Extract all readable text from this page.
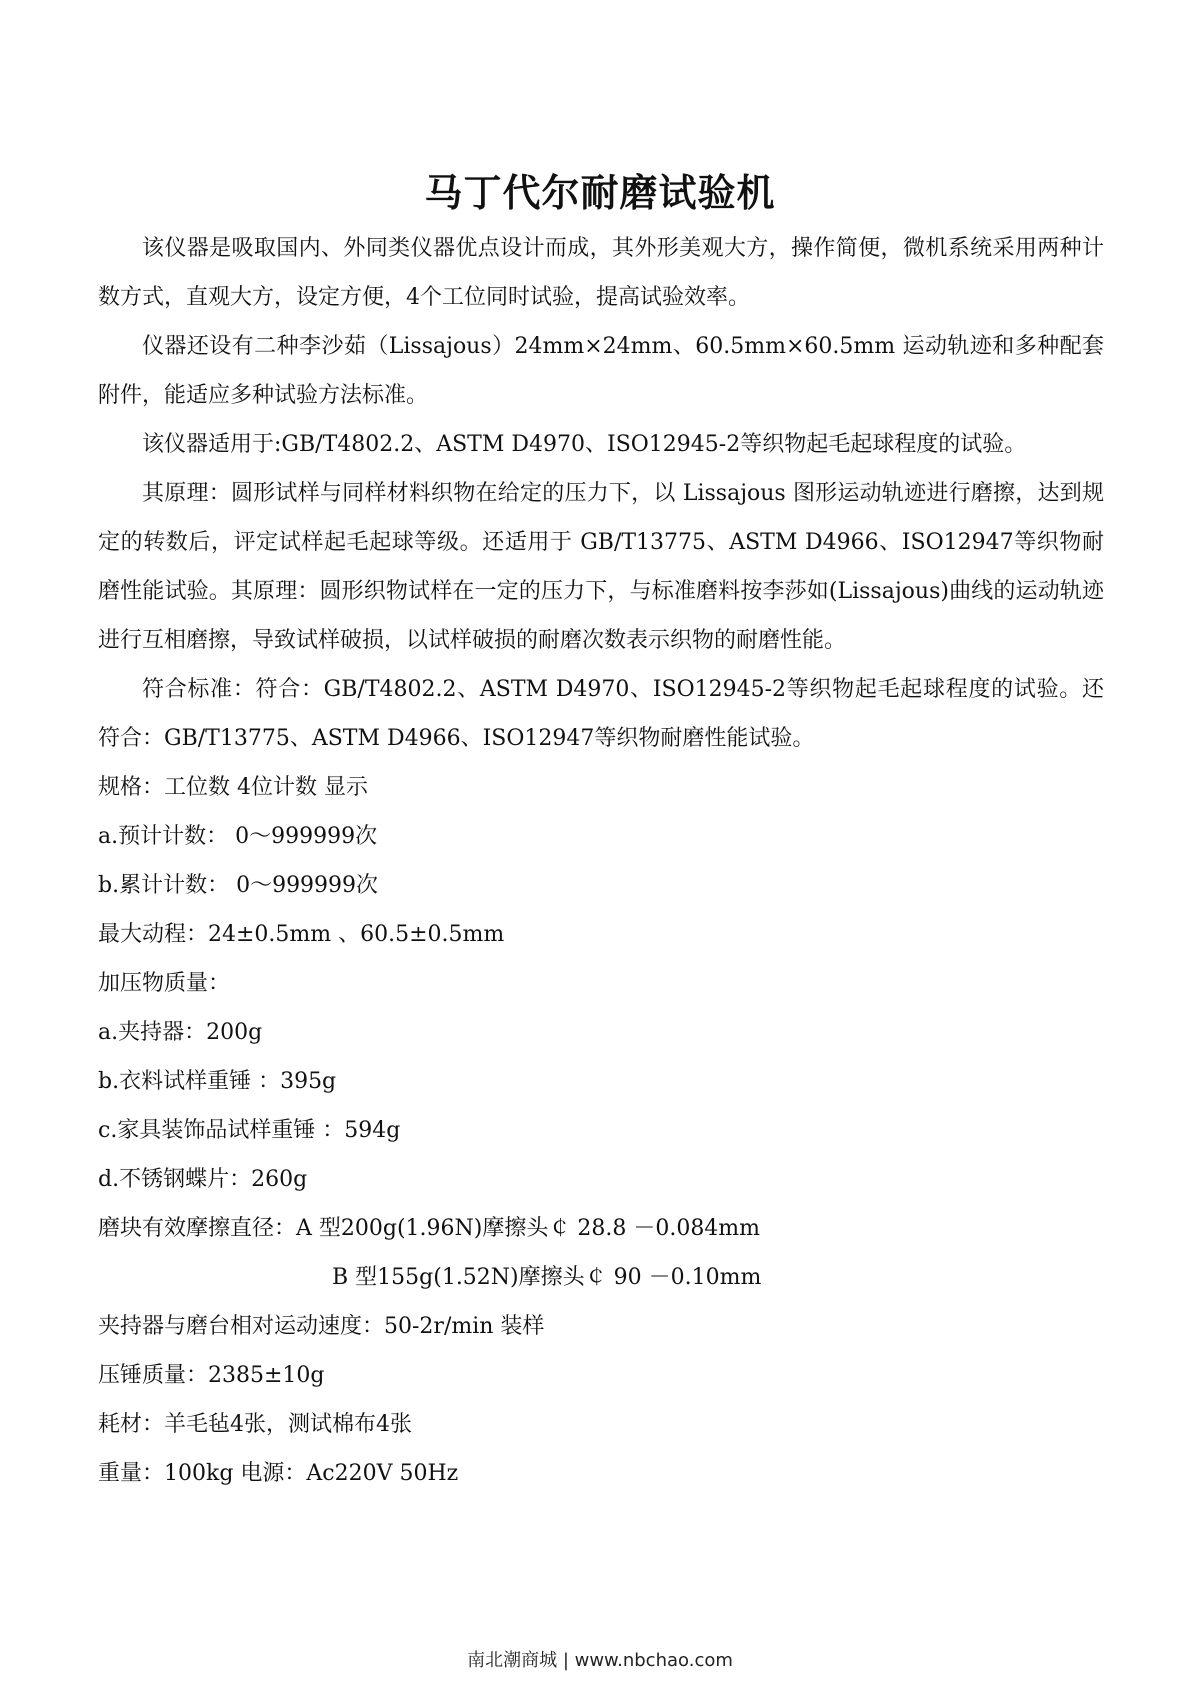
马丁代尔耐磨试验机

该仪器是吸取国内、外同类仪器优点设计而成，其外形美观大方，操作简便，微机系统采用两种计数方式，直观大方，设定方便，4个工位同时试验，提高试验效率。

仪器还设有二种李沙茹（Lissajous）24mm×24mm、60.5mm×60.5mm 运动轨迹和多种配套附件，能适应多种试验方法标准。

该仪器适用于:GB/T4802.2、ASTM D4970、ISO12945-2等织物起毛起球程度的试验。

其原理：圆形试样与同样材料织物在给定的压力下，以 Lissajous 图形运动轨迹进行磨擦，达到规定的转数后，评定试样起毛起球等级。还适用于 GB/T13775、ASTM D4966、ISO12947等织物耐磨性能试验。其原理：圆形织物试样在一定的压力下，与标准磨料按李莎如(Lissajous)曲线的运动轨迹进行互相磨擦，导致试样破损，以试样破损的耐磨次数表示织物的耐磨性能。

符合标准：符合：GB/T4802.2、ASTM D4970、ISO12945-2等织物起毛起球程度的试验。还符合：GB/T13775、ASTM D4966、ISO12947等织物耐磨性能试验。

规格：工位数 4位计数 显示

a.预计计数： 0～999999次

b.累计计数： 0～999999次

最大动程：24±0.5mm 、60.5±0.5mm

加压物质量：

a.夹持器：200g

b.衣料试样重锤 ：395g

c.家具装饰品试样重锤 ：594g

d.不锈钢蝶片：260g

磨块有效摩擦直径：A 型200g(1.96N)摩擦头￠ 28.8 －0.084mm

B 型155g(1.52N)摩擦头￠ 90 －0.10mm

夹持器与磨台相对运动速度：50-2r/min 装样

压锤质量：2385±10g

耗材：羊毛毡4张，测试棉布4张

重量：100kg 电源：Ac220V 50Hz

南北潮商城 | www.nbchao.com
